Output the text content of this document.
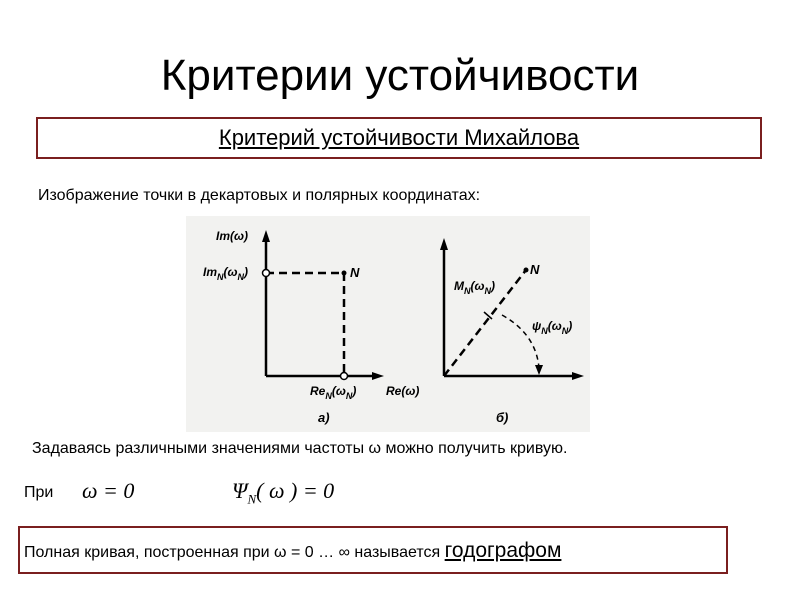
Критерии устойчивости
Критерий устойчивости Михайлова
Изображение точки в декартовых и полярных координатах:
Im(ω)
$Im_N(\omega_N)$	N
$Re_N(\omega_N)$ Re(ω)
а)
N
$M_N(\omega_N)$
$\psi_N(\omega_N)$
б)
Задаваясь различными значениями частоты ω можно получить кривую.
При ω = 0	$\Psi_N$( ω ) = 0
Полная кривая, построенная при ω = 0 … ∞ называется годографом
